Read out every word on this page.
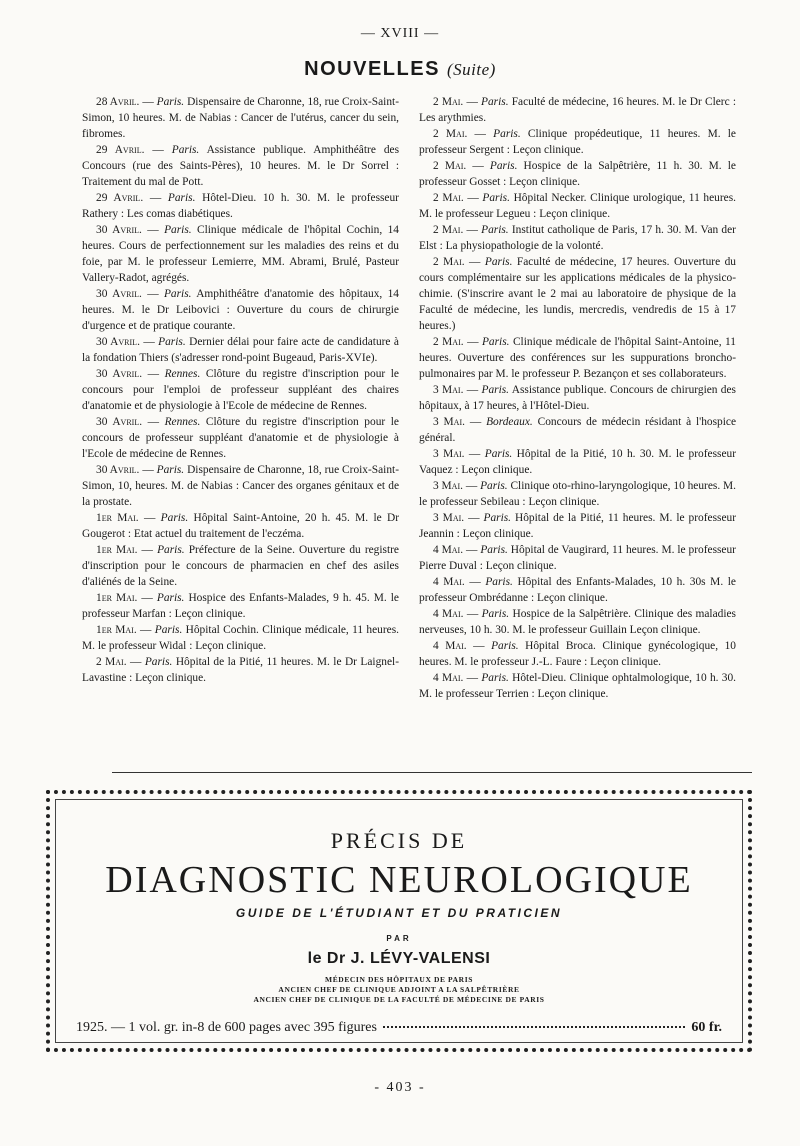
— XVIII —
NOUVELLES (Suite)

28 Avril. — Paris. Dispensaire de Charonne, 18, rue Croix-Saint-Simon, 10 heures. M. de Nabias : Cancer de l'utérus, cancer du sein, fibromes.

29 Avril. — Paris. Assistance publique. Amphithéâtre des Concours (rue des Saints-Pères), 10 heures. M. le Dr Sorrel : Traitement du mal de Pott.

29 Avril. — Paris. Hôtel-Dieu. 10 h. 30. M. le professeur Rathery : Les comas diabétiques.

30 Avril. — Paris. Clinique médicale de l'hôpital Cochin, 14 heures. Cours de perfectionnement sur les maladies des reins et du foie, par M. le professeur Lemierre, MM. Abrami, Brulé, Pasteur Vallery-Radot, agrégés.

30 Avril. — Paris. Amphithéâtre d'anatomie des hôpitaux, 14 heures. M. le Dr Leibovici : Ouverture du cours de chirurgie d'urgence et de pratique courante.

30 Avril. — Paris. Dernier délai pour faire acte de candidature à la fondation Thiers (s'adresser rond-point Bugeaud, Paris-XVIe).

30 Avril. — Rennes. Clôture du registre d'inscription pour le concours pour l'emploi de professeur suppléant des chaires d'anatomie et de physiologie à l'Ecole de médecine de Rennes.

30 Avril. — Rennes. Clôture du registre d'inscription pour le concours de professeur suppléant d'anatomie et de physiologie à l'Ecole de médecine de Rennes.

30 Avril. — Paris. Dispensaire de Charonne, 18, rue Croix-Saint-Simon, 10, heures. M. de Nabias : Cancer des organes génitaux et de la prostate.

1er Mai. — Paris. Hôpital Saint-Antoine, 20 h. 45. M. le Dr Gougerot : Etat actuel du traitement de l'eczéma.

1er Mai. — Paris. Préfecture de la Seine. Ouverture du registre d'inscription pour le concours de pharmacien en chef des asiles d'aliénés de la Seine.

1er Mai. — Paris. Hospice des Enfants-Malades, 9 h. 45. M. le professeur Marfan : Leçon clinique.

1er Mai. — Paris. Hôpital Cochin. Clinique médicale, 11 heures. M. le professeur Widal : Leçon clinique.

2 Mai. — Paris. Hôpital de la Pitié, 11 heures. M. le Dr Laignel-Lavastine : Leçon clinique.

2 Mai. — Paris. Faculté de médecine, 16 heures. M. le Dr Clerc : Les arythmies.

2 Mai. — Paris. Clinique propédeutique, 11 heures. M. le professeur Sergent : Leçon clinique.

2 Mai. — Paris. Hospice de la Salpêtrière, 11 h. 30. M. le professeur Gosset : Leçon clinique.

2 Mai. — Paris. Hôpital Necker. Clinique urologique, 11 heures. M. le professeur Legueu : Leçon clinique.

2 Mai. — Paris. Institut catholique de Paris, 17 h. 30. M. Van der Elst : La physiopathologie de la volonté.

2 Mai. — Paris. Faculté de médecine, 17 heures. Ouverture du cours complémentaire sur les applications médicales de la physico-chimie. (S'inscrire avant le 2 mai au laboratoire de physique de la Faculté de médecine, les lundis, mercredis, vendredis de 15 à 17 heures.)

2 Mai. — Paris. Clinique médicale de l'hôpital Saint-Antoine, 11 heures. Ouverture des conférences sur les suppurations broncho-pulmonaires par M. le professeur P. Bezançon et ses collaborateurs.

3 Mai. — Paris. Assistance publique. Concours de chirurgien des hôpitaux, à 17 heures, à l'Hôtel-Dieu.

3 Mai. — Bordeaux. Concours de médecin résidant à l'hospice général.

3 Mai. — Paris. Hôpital de la Pitié, 10 h. 30. M. le professeur Vaquez : Leçon clinique.

3 Mai. — Paris. Clinique oto-rhino-laryngologique, 10 heures. M. le professeur Sebileau : Leçon clinique.

3 Mai. — Paris. Hôpital de la Pitié, 11 heures. M. le professeur Jeannin : Leçon clinique.

4 Mai. — Paris. Hôpital de Vaugirard, 11 heures. M. le professeur Pierre Duval : Leçon clinique.

4 Mai. — Paris. Hôpital des Enfants-Malades, 10 h. 30s M. le professeur Ombrédanne : Leçon clinique.

4 Mai. — Paris. Hospice de la Salpêtrière. Clinique des maladies nerveuses, 10 h. 30. M. le professeur Guillain Leçon clinique.

4 Mai. — Paris. Hôpital Broca. Clinique gynécologique, 10 heures. M. le professeur J.-L. Faure : Leçon clinique.

4 Mai. — Paris. Hôtel-Dieu. Clinique ophtalmologique, 10 h. 30. M. le professeur Terrien : Leçon clinique.

PRÉCIS DE
DIAGNOSTIC NEUROLOGIQUE
GUIDE DE L'ÉTUDIANT ET DU PRATICIEN
PAR
le Dr J. LÉVY-VALENSI
MÉDECIN DES HÔPITAUX DE PARIS
ANCIEN CHEF DE CLINIQUE ADJOINT A LA SALPÊTRIÈRE
ANCIEN CHEF DE CLINIQUE DE LA FACULTÉ DE MÉDECINE DE PARIS
1925. — 1 vol. gr. in-8 de 600 pages avec 395 figures	60 fr.
- 403 -
